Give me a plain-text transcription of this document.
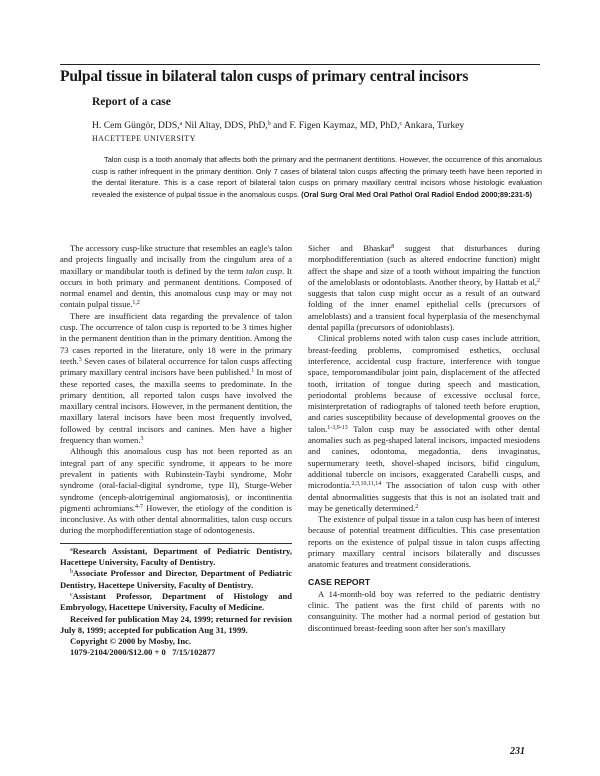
Pulpal tissue in bilateral talon cusps of primary central incisors
Report of a case
H. Cem Güngör, DDS,$^a$ Nil Altay, DDS, PhD,$^b$ and F. Figen Kaymaz, MD, PhD,$^c$ Ankara, Turkey
HACETTEPE UNIVERSITY
Talon cusp is a tooth anomaly that affects both the primary and the permanent dentitions. However, the occurrence of this anomalous cusp is rather infrequent in the primary dentition. Only 7 cases of bilateral talon cusps affecting the primary teeth have been reported in the dental literature. This is a case report of bilateral talon cusps on primary maxillary central incisors whose histologic evaluation revealed the existence of pulpal tissue in the anomalous cusps. (Oral Surg Oral Med Oral Pathol Oral Radiol Endod 2000;89:231-5)

The accessory cusp-like structure that resembles an eagle's talon and projects lingually and incisally from the cingulum area of a maxillary or mandibular tooth is defined by the term talon cusp. It occurs in both primary and permanent dentitions. Composed of normal enamel and dentin, this anomalous cusp may or may not contain pulpal tissue.$^{1,2}$

There are insufficient data regarding the prevalence of talon cusp. The occurrence of talon cusp is reported to be 3 times higher in the permanent dentition than in the primary dentition. Among the 73 cases reported in the literature, only 18 were in the primary teeth.$^3$ Seven cases of bilateral occurrence for talon cusps affecting primary maxillary central incisors have been published.$^1$ In most of these reported cases, the maxilla seems to predominate. In the primary dentition, all reported talon cusps have involved the maxillary central incisors. However, in the permanent dentition, the maxillary lateral incisors have been most frequently involved, followed by central incisors and canines. Men have a higher frequency than women.$^3$

Although this anomalous cusp has not been reported as an integral part of any specific syndrome, it appears to be more prevalent in patients with Rubinstein-Taybi syndrome, Mohr syndrome (oral-facial-digital syndrome, type II), Sturge-Weber syndrome (enceph-alotrigeminal angiomatosis), or incontinentia pigmenti achromians.$^{4-7}$ However, the etiology of the condition is inconclusive. As with other dental abnormalities, talon cusp occurs during the morphodifferentiation stage of odontogenesis.

$^a$Research Assistant, Department of Pediatric Dentistry, Hacettepe University, Faculty of Dentistry.

$^b$Associate Professor and Director, Department of Pediatric Dentistry, Hacettepe University, Faculty of Dentistry.

$^c$Assistant Professor, Department of Histology and Embryology, Hacettepe University, Faculty of Medicine.

Received for publication May 24, 1999; returned for revision July 8, 1999; accepted for publication Aug 31, 1999.

Copyright © 2000 by Mosby, Inc.

1079-2104/2000/$12.00 + 0 7/15/102877

Sicher and Bhaskar$^8$ suggest that disturbances during morphodifferentiation (such as altered endocrine function) might affect the shape and size of a tooth without impairing the function of the ameloblasts or odontoblasts. Another theory, by Hattab et al,$^2$ suggests that talon cusp might occur as a result of an outward folding of the inner enamel epithelial cells (precursors of ameloblasts) and a transient focal hyperplasia of the mesenchymal dental papilla (precursors of odontoblasts).

Clinical problems noted with talon cusp cases include attrition, breast-feeding problems, compromised esthetics, occlusal interference, accidental cusp fracture, interference with tongue space, temporomandibular joint pain, displacement of the affected tooth, irritation of tongue during speech and mastication, periodontal problems because of excessive occlusal force, misinterpretation of radiographs of taloned teeth before eruption, and caries susceptibility because of developmental grooves on the talon.$^{1-3,9-13}$ Talon cusp may be associated with other dental anomalies such as peg-shaped lateral incisors, impacted mesiodens and canines, odontoma, megadontia, dens invaginatus, supernumerary teeth, shovel-shaped incisors, bifid cingulum, additional tubercle on incisors, exaggerated Carabelli cusps, and microdontia.$^{2,3,10,11,14}$ The association of talon cusp with other dental abnormalities suggests that this is not an isolated trait and may be genetically determined.$^2$

The existence of pulpal tissue in a talon cusp has been of interest because of potential treatment difficulties. This case presentation reports on the existence of pulpal tissue in talon cusps affecting primary maxillary central incisors bilaterally and discusses anatomic features and treatment considerations.

CASE REPORT

A 14-month-old boy was referred to the pediatric dentistry clinic. The patient was the first child of parents with no consanguinity. The mother had a normal period of gestation but discontinued breast-feeding soon after her son's maxillary

231
